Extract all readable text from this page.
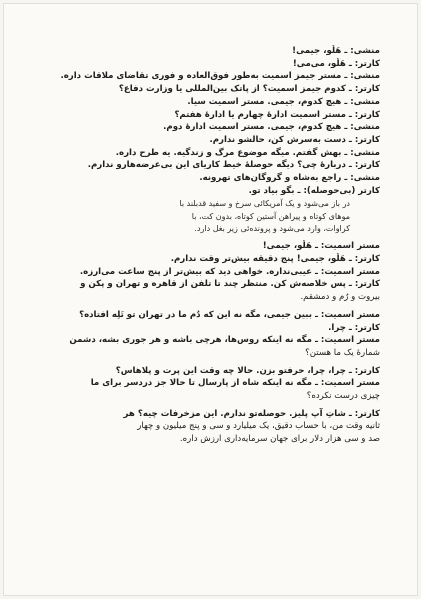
منشی: ـ هَلُو، جیمی!
کارتر: ـ هَلُو، می‌می!
منشی: ـ مستر جیمز اسمیت به‌طور فوق‌العاده و فوری تقاضای ملاقات داره.
کارتر: ـ کدوم جیمز اسمیت؟ از پاتک بین‌المللی یا وزارت دفاع؟
منشی: ـ هیچ کدوم، جیمی. مستر اسمیت سیا.
کارتر: ـ مستر اسمیت ادارهٔ چهارم یا ادارهٔ هفتم؟
منشی: ـ هیچ کدوم، جیمی. مستر اسمیت ادارهٔ دوم.
کارتر: ـ دست به‌سرش کن، حالشو ندارم.
منشی: ـ بهش گفتم. میگه موضوع مرگ و زندگیه. یه طرح داره.
کارتر: ـ دربارهٔ چی؟ دیگه حوصلهٔ خیط کاریای این بی‌عرضه‌هارو ندارم.
منشی: ـ راجع به‌شاه و گروگان‌های تهرونه.
کارتر (بی‌حوصله): ـ بگو بیاد تو.
در باز می‌شود و یک آمریکائی سرخ و سفید قدبلند با
موهای کوتاه و پیراهن آستین کوتاه، بدون کت، با
کراوات، وارد می‌شود و پرونده‌ئی زیر بغل دارد.
مستر اسمیت: ـ هَلُو، جیمی!
کارتر: ـ هَلُو، جیمی! پنج دقیقه بیش‌تر وقت ندارم.
مستر اسمیت: ـ عیبی‌نداره. خواهی دید که بیش‌تر از پنج ساعت می‌ارزه.
کارتر: ـ پس خلاصه‌ش کن. منتظر چند تا تلفن از قاهره و تهران و پکن و
بیروت و رُم و دمشقم.
مستر اسمیت: ـ ببین جیمی، مگه نه این که دُم ما در تهران تو تَلِه افتاده؟
کارتر: ـ چرا.
مستر اسمیت: ـ مگه نه اینکه روس‌ها، هرچی باشه و هر جوری بشه، دشمن
شمارهٔ یک ما هستن؟
کارتر: ـ چرا، چرا، حرفتو بزن. حالا چه وقت این پرت و پلاهاس؟
مستر اسمیت: ـ مگه نه اینکه شاه از پارسال تا حالا جز دردسر برای ما
چیزی درست نکرده؟
کارتر: ـ شاتِ آپ پلیز. حوصله‌تو ندارم. این مزخرفات چیه؟ هر
ثانیه وقت من، با حساب دقیق، یک میلیارد و سی و پنج میلیون و چهار
صد و سی هزار دلار برای جهان سرمایه‌داری ارزش داره.
